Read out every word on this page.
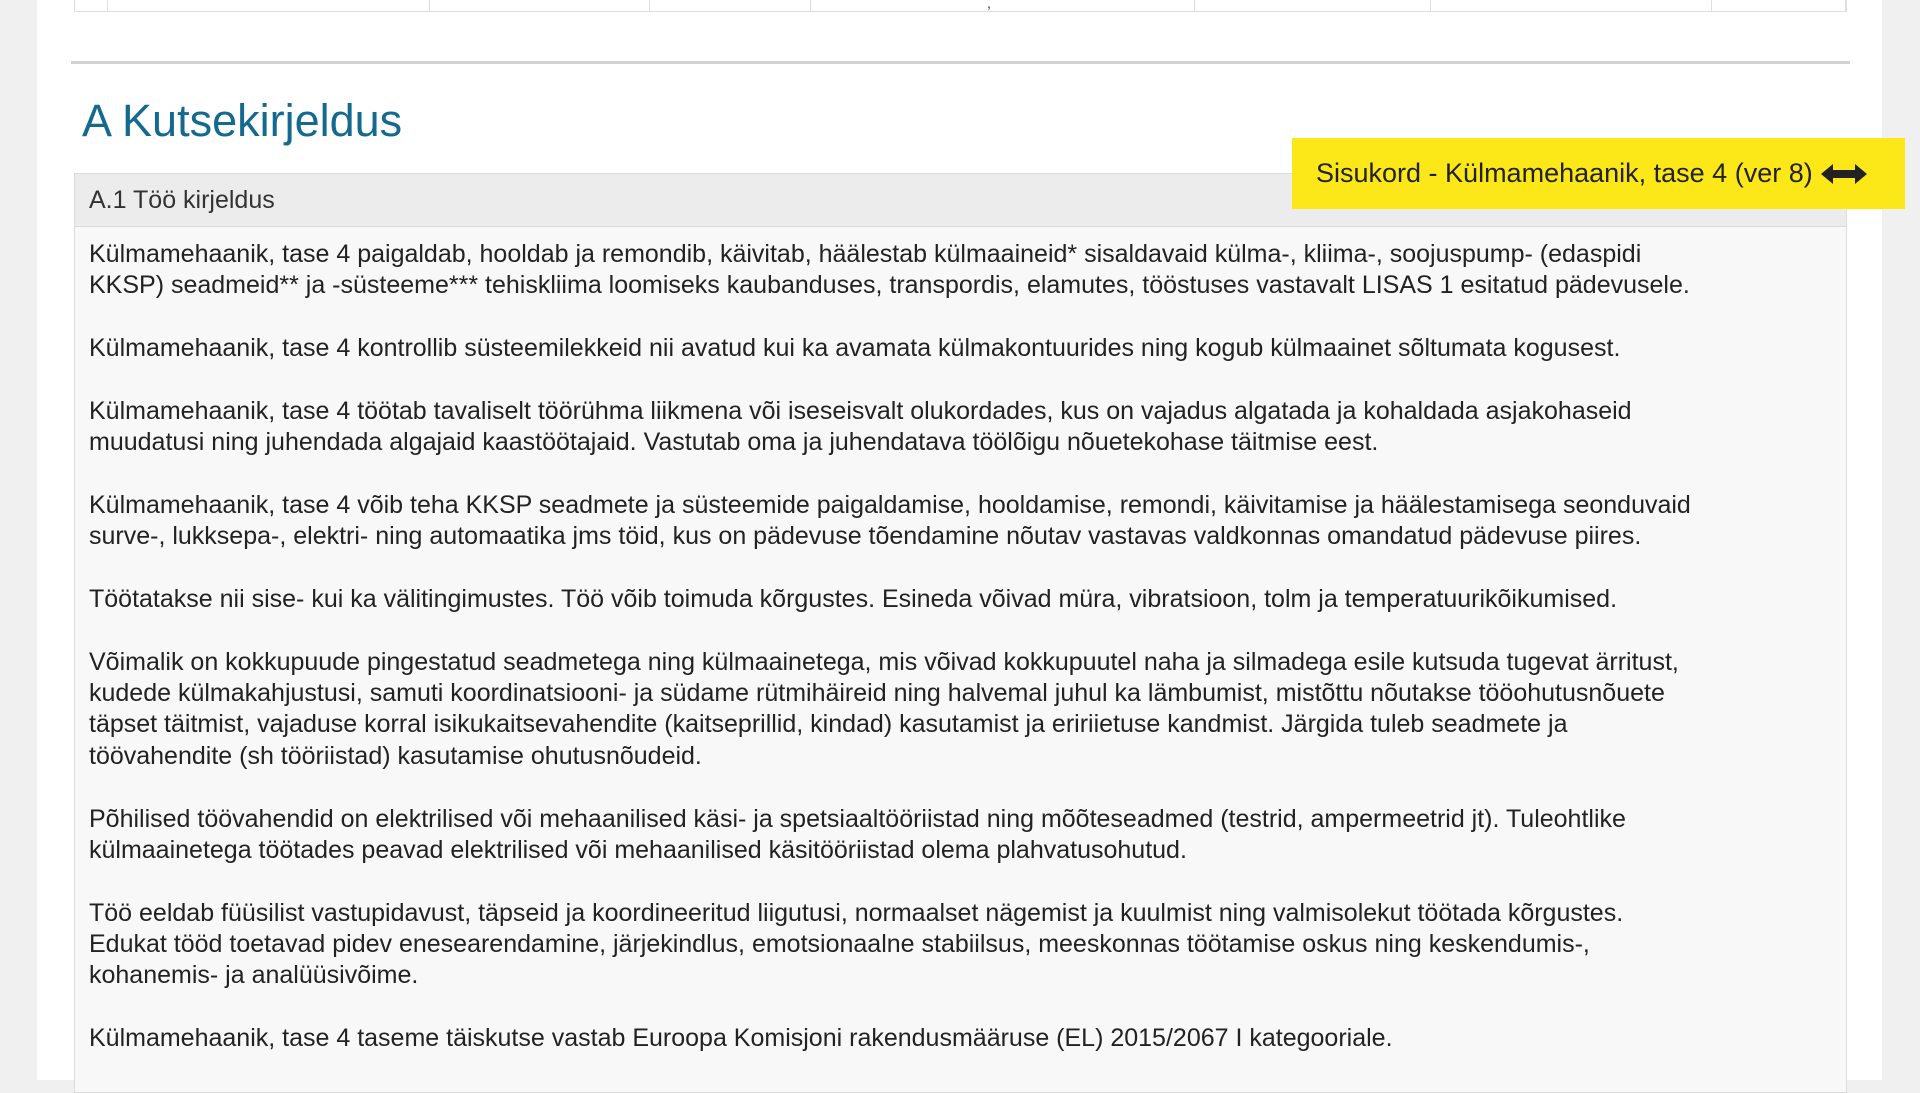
,
A Kutsekirjeldus
A.1 Töö kirjeldus

Külmamehaanik, tase 4 paigaldab, hooldab ja remondib, käivitab, häälestab külmaaineid* sisaldavaid külma-, kliima-, soojuspump- (edaspidi
KKSP) seadmeid** ja -süsteeme*** tehiskliima loomiseks kaubanduses, transpordis, elamutes, tööstuses vastavalt LISAS 1 esitatud pädevusele.

Külmamehaanik, tase 4 kontrollib süsteemilekkeid nii avatud kui ka avamata külmakontuurides ning kogub külmaainet sõltumata kogusest.

Külmamehaanik, tase 4 töötab tavaliselt töörühma liikmena või iseseisvalt olukordades, kus on vajadus algatada ja kohaldada asjakohaseid
muudatusi ning juhendada algajaid kaastöötajaid. Vastutab oma ja juhendatava töölõigu nõuetekohase täitmise eest.

Külmamehaanik, tase 4 võib teha KKSP seadmete ja süsteemide paigaldamise, hooldamise, remondi, käivitamise ja häälestamisega seonduvaid
surve-, lukksepa-, elektri- ning automaatika jms töid, kus on pädevuse tõendamine nõutav vastavas valdkonnas omandatud pädevuse piires.

Töötatakse nii sise- kui ka välitingimustes. Töö võib toimuda kõrgustes. Esineda võivad müra, vibratsioon, tolm ja temperatuurikõikumised.

Võimalik on kokkupuude pingestatud seadmetega ning külmaainetega, mis võivad kokkupuutel naha ja silmadega esile kutsuda tugevat ärritust,
kudede külmakahjustusi, samuti koordinatsiooni- ja südame rütmihäireid ning halvemal juhul ka lämbumist, mistõttu nõutakse tööohutusnõuete
täpset täitmist, vajaduse korral isikukaitsevahendite (kaitseprillid, kindad) kasutamist ja eririietuse kandmist. Järgida tuleb seadmete ja
töövahendite (sh tööriistad) kasutamise ohutusnõudeid.

Põhilised töövahendid on elektrilised või mehaanilised käsi- ja spetsiaaltööriistad ning mõõteseadmed (testrid, ampermeetrid jt). Tuleohtlike
külmaainetega töötades peavad elektrilised või mehaanilised käsitööriistad olema plahvatusohutud.

Töö eeldab füüsilist vastupidavust, täpseid ja koordineeritud liigutusi, normaalset nägemist ja kuulmist ning valmisolekut töötada kõrgustes.
Edukat tööd toetavad pidev enesearendamine, järjekindlus, emotsionaalne stabiilsus, meeskonnas töötamise oskus ning keskendumis-,
kohanemis- ja analüüsivõime.

Külmamehaanik, tase 4 taseme täiskutse vastab Euroopa Komisjoni rakendusmääruse (EL) 2015/2067 I kategooriale.

Sisukord - Külmamehaanik, tase 4 (ver 8)
